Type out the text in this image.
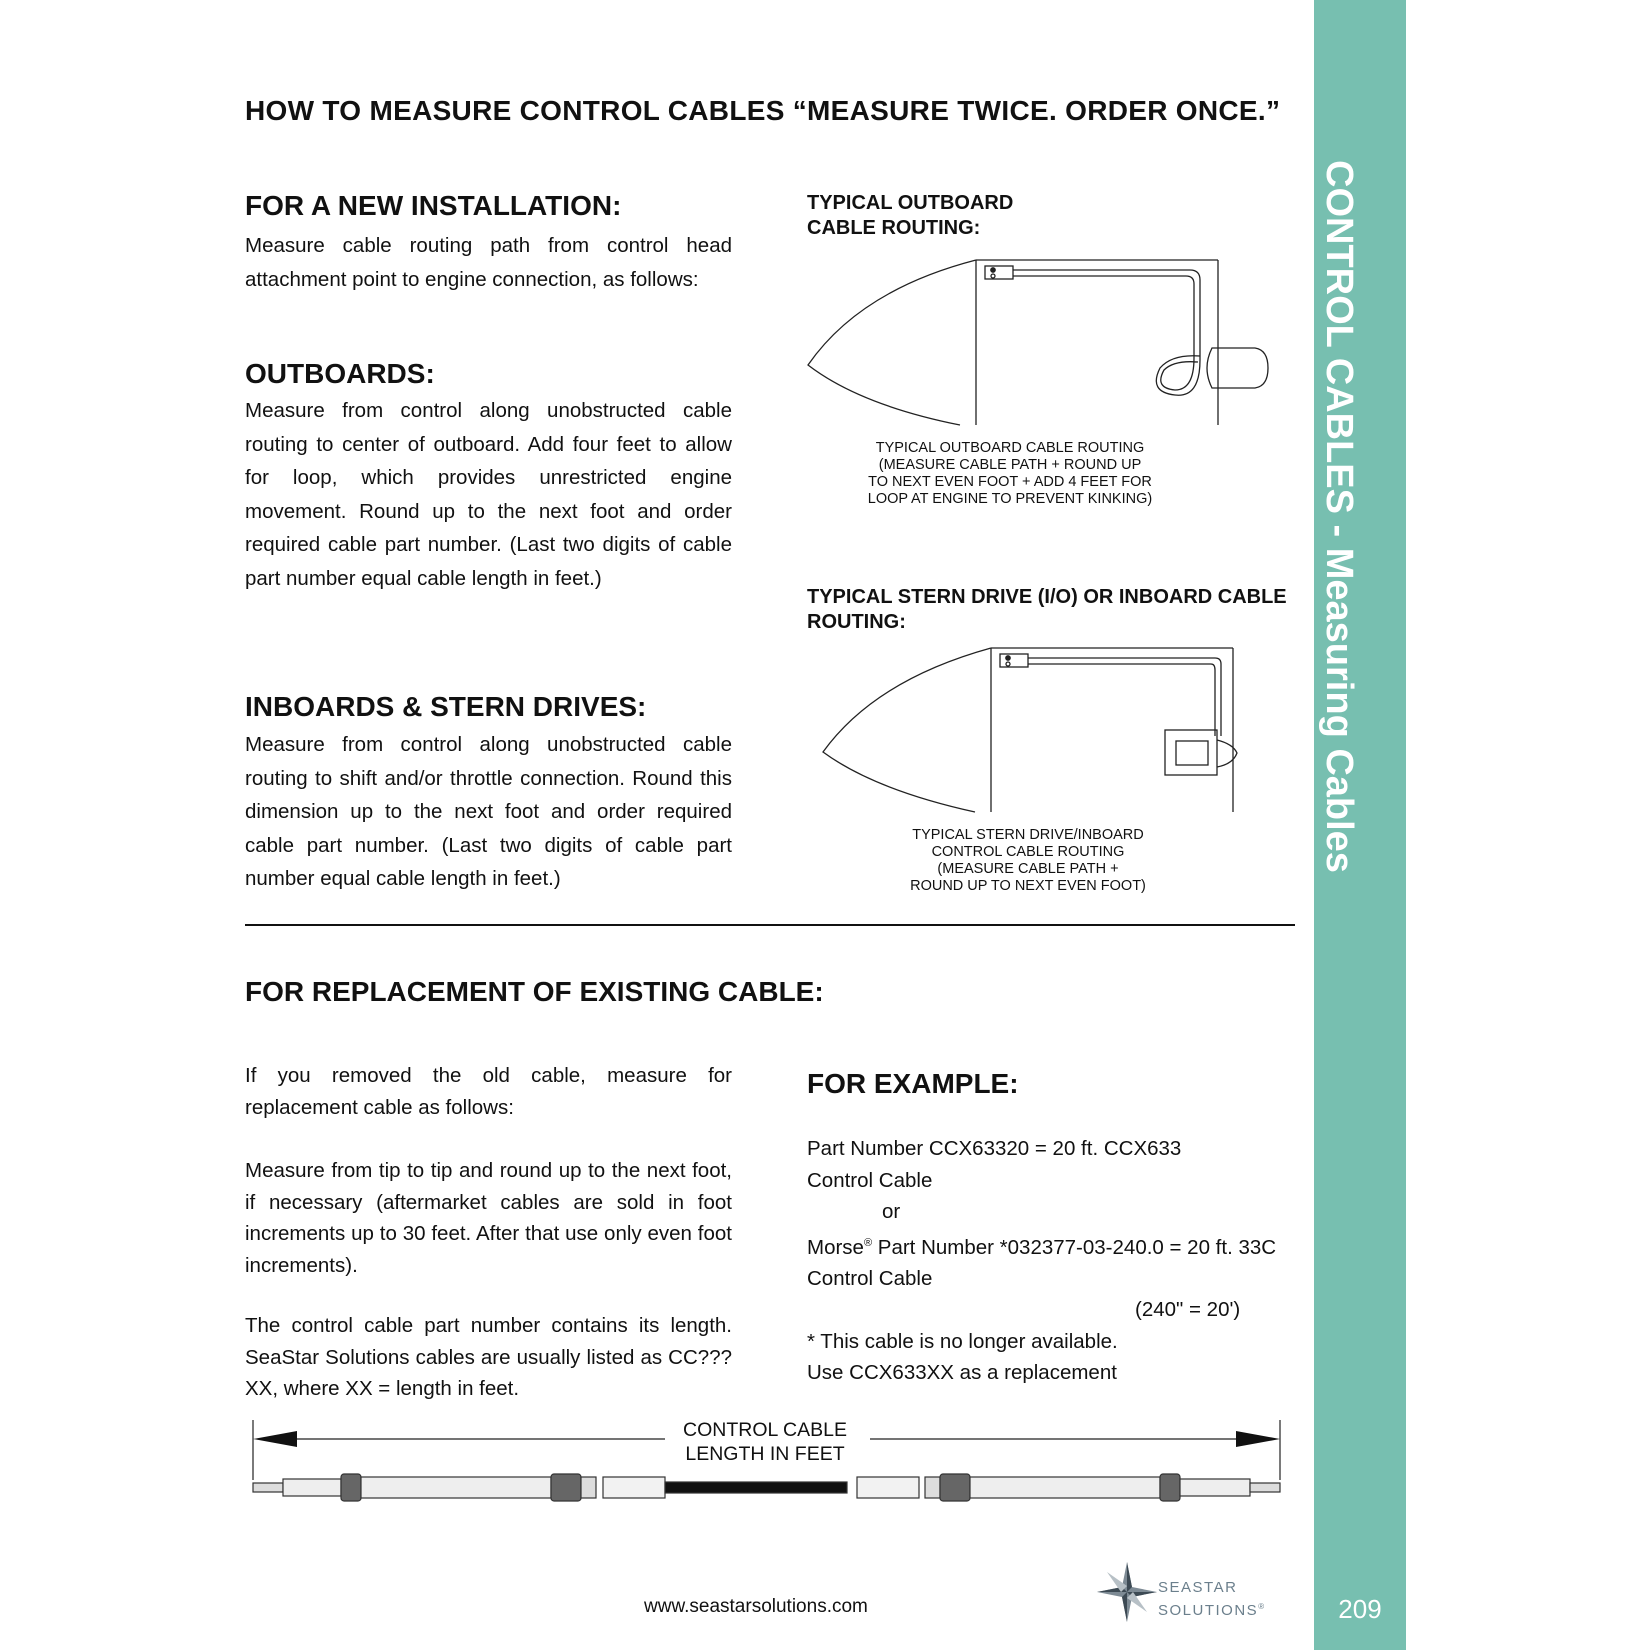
HOW TO MEASURE CONTROL CABLES “MEASURE TWICE. ORDER ONCE.”
FOR A NEW INSTALLATION:
Measure cable routing path from control head attachment point to engine connection, as follows:
OUTBOARDS:
Measure from control along unobstructed cable routing to center of outboard. Add four feet to allow for loop, which provides unrestricted engine movement. Round up to the next foot and order required cable part number. (Last two digits of cable part number equal cable length in feet.)
INBOARDS & STERN DRIVES:
Measure from control along unobstructed cable routing to shift and/or throttle connection. Round this dimension up to the next foot and order required cable part number. (Last two digits of cable part number equal cable length in feet.)
TYPICAL OUTBOARD
CABLE ROUTING:
TYPICAL OUTBOARD CABLE ROUTING
(MEASURE CABLE PATH + ROUND UP
TO NEXT EVEN FOOT + ADD 4 FEET FOR
LOOP AT ENGINE TO PREVENT KINKING)
TYPICAL STERN DRIVE (I/O) OR INBOARD CABLE
ROUTING:
TYPICAL STERN DRIVE/INBOARD
CONTROL CABLE ROUTING
(MEASURE CABLE PATH +
ROUND UP TO NEXT EVEN FOOT)
FOR REPLACEMENT OF EXISTING CABLE:
If you removed the old cable, measure for replacement cable as follows:
Measure from tip to tip and round up to the next foot, if necessary (aftermarket cables are sold in foot increments up to 30 feet. After that use only even foot increments).
The control cable part number contains its length. SeaStar Solutions cables are usually listed as CC???XX, where XX = length in feet.
FOR EXAMPLE:
Part Number CCX63320 = 20 ft. CCX633
Control Cable
or
Morse® Part Number *032377-03-240.0 = 20 ft. 33C
Control Cable
(240" = 20')
* This cable is no longer available.
Use CCX633XX as a replacement
CONTROL CABLE
LENGTH IN FEET
CONTROL CABLES - Measuring Cables
209
www.seastarsolutions.com
SEASTAR
SOLUTIONS®
